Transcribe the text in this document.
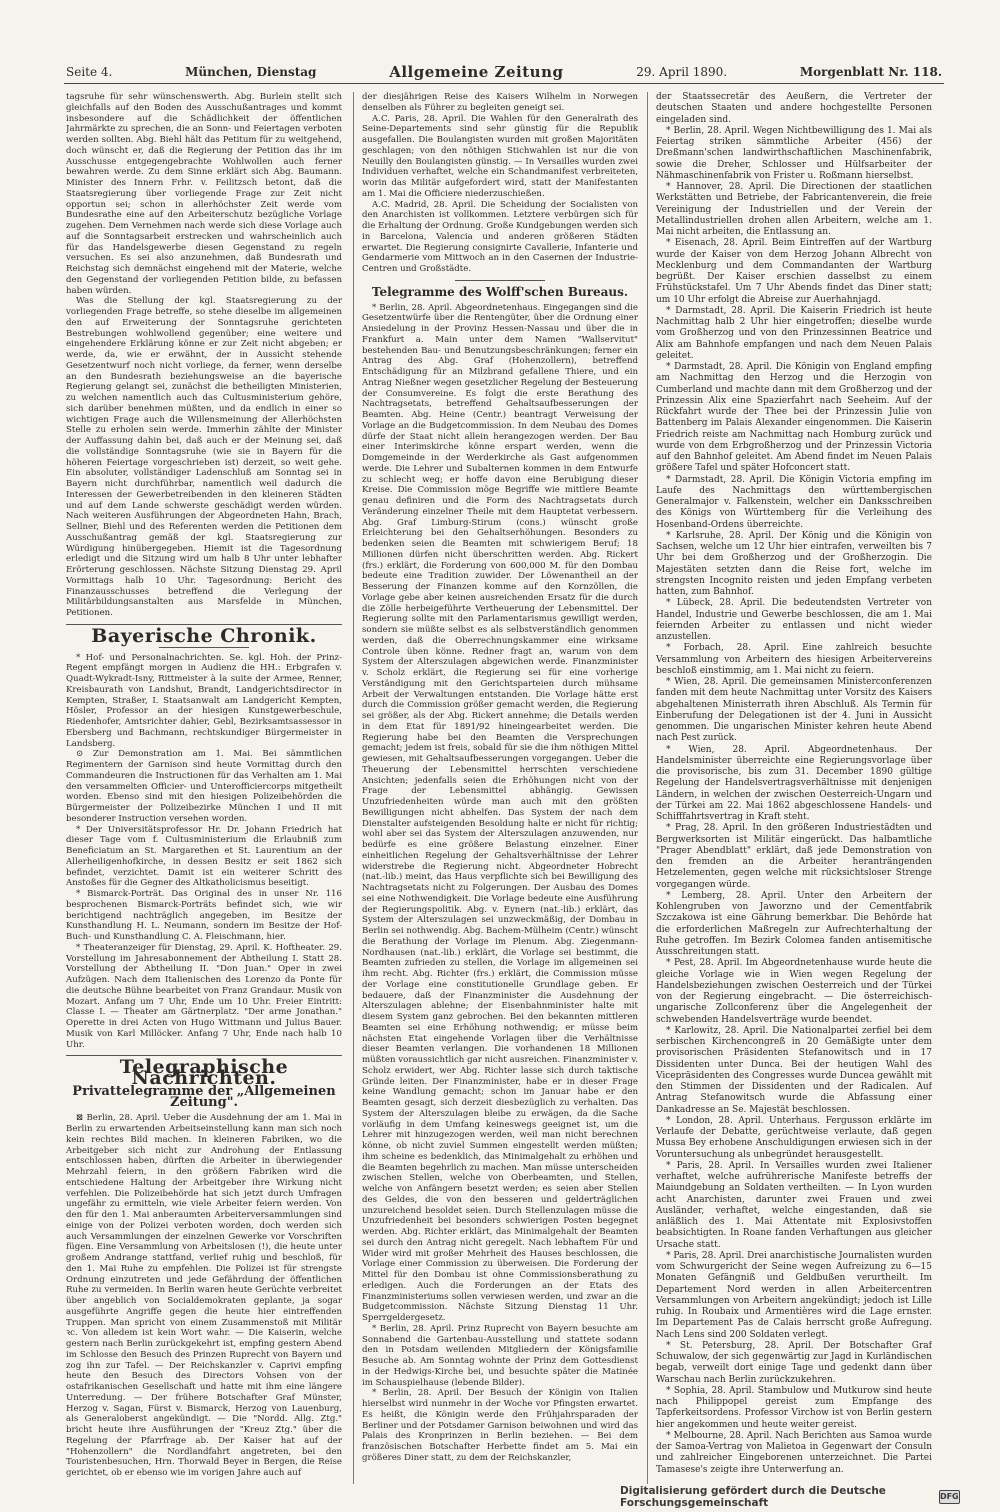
Seite 4.	München, Dienstag	Allgemeine Zeitung	29. April 1890.	Morgenblatt Nr. 118.

tagsruhe für sehr wünschenswerth. Abg. Burlein stellt sich gleichfalls auf den Boden des Ausschußantrages und kommt insbesondere auf die Schädlichkeit der öffentlichen Jahrmärkte zu sprechen, die an Sonn- und Feiertagen verboten werden sollten. Abg. Biehl hält das Petitum für zu weitgehend, doch wünscht er, daß die Regierung der Petition das ihr im Ausschusse entgegengebrachte Wohlwollen auch ferner bewahren werde. Zu dem Sinne erklärt sich Abg. Baumann. Minister des Innern Frhr. v. Feilitzsch betont, daß die Staatsregierung über vorliegende Frage zur Zeit nicht opportun sei; schon in allerhöchster Zeit werde vom Bundesrathe eine auf den Arbeiterschutz bezügliche Vorlage zugehen. Dem Vernehmen nach werde sich diese Vorlage auch auf die Sonntagsarbeit erstrecken und wahrscheinlich auch für das Handelsgewerbe diesen Gegenstand zu regeln versuchen. Es sei also anzunehmen, daß Bundesrath und Reichstag sich demnächst eingehend mit der Materie, welche den Gegenstand der vorliegenden Petition bilde, zu befassen haben würden.

Was die Stellung der kgl. Staatsregierung zu der vorliegenden Frage betreffe, so stehe dieselbe im allgemeinen den auf Erweiterung der Sonntagsruhe gerichteten Bestrebungen wohlwollend gegenüber; eine weitere und eingehendere Erklärung könne er zur Zeit nicht abgeben; er werde, da, wie er erwähnt, der in Aussicht stehende Gesetzentwurf noch nicht vorliege, da ferner, wenn derselbe an den Bundesrath beziehungsweise an die bayerische Regierung gelangt sei, zunächst die betheiligten Ministerien, zu welchen namentlich auch das Cultusministerium gehöre, sich darüber benehmen müßten, und da endlich in einer so wichtigen Frage auch die Willensmeinung der Allerhöchsten Stelle zu erholen sein werde. Immerhin zählte der Minister der Auffassung dahin bei, daß auch er der Meinung sei, daß die vollständige Sonntagsruhe (wie sie in Bayern für die höheren Feiertage vorgeschrieben ist) derzeit, so weit gehe. Ein absoluter, vollständiger Ladenschluß am Sonntag sei in Bayern nicht durchführbar, namentlich weil dadurch die Interessen der Gewerbetreibenden in den kleineren Städten und auf dem Lande schwerste geschädigt werden würden. Nach weiteren Ausführungen der Abgeordneten Hahn, Brach, Sellner, Biehl und des Referenten werden die Petitionen dem Ausschußantrag gemäß der kgl. Staatsregierung zur Würdigung hinübergegeben. Hiemit ist die Tagesordnung erledigt und die Sitzung wird um halb 8 Uhr unter lebhafter Erörterung geschlossen. Nächste Sitzung Dienstag 29. April Vormittags halb 10 Uhr. Tagesordnung: Bericht des Finanzausschusses betreffend die Verlegung der Militärbildungsanstalten aus Marsfelde in München, Petitionen.

Bayerische Chronik.

* Hof- und Personalnachrichten. Se. kgl. Hoh. der Prinz-Regent empfängt morgen in Audienz die HH.: Erbgrafen v. Quadt-Wykradt-Isny, Rittmeister à la suite der Armee, Renner, Kreisbaurath von Landshut, Brandt, Landgerichtsdirector in Kempten, Straßer, I. Staatsanwalt am Landgericht Kempten, Hösler, Professor an der hiesigen Kunstgewerbeschule, Riedenhofer, Amtsrichter dahier, Gebl, Bezirksamtsassessor in Ebersberg und Bachmann, rechtskundiger Bürgermeister in Landsberg.

⊙ Zur Demonstration am 1. Mai. Bei sämmtlichen Regimentern der Garnison sind heute Vormittag durch den Commandeuren die Instructionen für das Verhalten am 1. Mai den versammelten Officier- und Unterofficiercorps mitgetheilt worden. Ebenso sind mit den hiesigen Polizeibehörden die Bürgermeister der Polizeibezirke München I und II mit besonderer Instruction versehen worden.

* Der Universitätsprofessor Hr. Dr. Johann Friedrich hat dieser Tage vom f. Cultusministerium die Erlaubniß zum Beneficiatum an St. Margarethen et St. Laurentium an der Allerheiligenhofkirche, in dessen Besitz er seit 1862 sich befindet, verzichtet. Damit ist ein weiterer Schritt des Anstoßes für die Gegner des Altkatholicismus beseitigt.

* Bismarck-Porträt. Das Original des in unser Nr. 116 besprochenen Bismarck-Porträts befindet sich, wie wir berichtigend nachträglich angegeben, im Besitze der Kunsthandlung H. L. Neumann, sondern im Besitze der Hof-Buch- und Kunsthandlung C. A. Fleischmann, hier.

* Theateranzeiger für Dienstag, 29. April. K. Hoftheater. 29. Vorstellung im Jahresabonnement der Abtheilung I. Statt 28. Vorstellung der Abtheilung II. "Don Juan." Oper in zwei Aufzügen. Nach dem Italienischen des Lorenzo da Ponte für die deutsche Bühne bearbeitet von Franz Grandaur. Musik von Mozart. Anfang um 7 Uhr, Ende um 10 Uhr. Freier Eintritt: Classe I. — Theater am Gärtnerplatz. "Der arme Jonathan." Operette in drei Acten von Hugo Wittmann und Julius Bauer. Musik von Karl Millöcker. Anfang 7 Uhr, Ende nach halb 10 Uhr.

Telegraphische Nachrichten.
Privattelegramme der „Allgemeinen Zeitung".

⊠ Berlin, 28. April. Ueber die Ausdehnung der am 1. Mai in Berlin zu erwartenden Arbeitseinstellung kann man sich noch kein rechtes Bild machen. In kleineren Fabriken, wo die Arbeitgeber sich nicht zur Androhung der Entlassung entschlossen haben, dürften die Arbeiter in überwiegender Mehrzahl feiern, in den größern Fabriken wird die entschiedene Haltung der Arbeitgeber ihre Wirkung nicht verfehlen. Die Polizeibehörde hat sich jetzt durch Umfragen ungefähr zu ermitteln, wie viele Arbeiter feiern werden. Von den für den 1. Mai anberaumten Arbeiterversammlungen sind einige von der Polizei verboten worden, doch werden sich auch Versammlungen der einzelnen Gewerke vor Vorschriften fügen. Eine Versammlung von Arbeitslosen (!), die heute unter großem Andrange stattfand, verlief ruhig und beschloß, für den 1. Mai Ruhe zu empfehlen. Die Polizei ist für strengste Ordnung einzutreten und jede Gefährdung der öffentlichen Ruhe zu vermeiden. In Berlin waren heute Gerüchte verbreitet über angeblich von Socialdemokraten geplante, ja sogar ausgeführte Angriffe gegen die heute hier eintreffenden Truppen. Man spricht von einem Zusammenstoß mit Militär ꝛc. Von alledem ist kein Wort wahr. — Die Kaiserin, welche gestern nach Berlin zurückgekehrt ist, empfing gestern Abend im Schlosse den Besuch des Prinzen Ruprecht von Bayern und zog ihn zur Tafel. — Der Reichskanzler v. Caprivi empfing heute den Besuch des Directors Vohsen von der ostafrikanischen Gesellschaft und hatte mit ihm eine längere Unterredung. — Der frühere Botschafter Graf Münster, Herzog v. Sagan, Fürst v. Bismarck, Herzog von Lauenburg, als Generaloberst angekündigt. — Die "Nordd. Allg. Ztg." bricht heute ihre Ausführungen der "Kreuz Ztg." über die Regelung der Pfarrfrage ab. Der Kaiser hat auf der "Hohenzollern" die Nordlandfahrt angetreten, bei den Touristenbesuchen, Hrn. Thorwald Beyer in Bergen, die Reise gerichtet, ob er ebenso wie im vorigen Jahre auch auf

der diesjährigen Reise des Kaisers Wilhelm in Norwegen denselben als Führer zu begleiten geneigt sei.

A.C. Paris, 28. April. Die Wahlen für den Generalrath des Seine-Departements sind sehr günstig für die Republik ausgefallen. Die Boulangisten wurden mit großen Majoritäten geschlagen; von den nöthigen Stichwahlen ist nur die von Neuilly den Boulangisten günstig. — In Versailles wurden zwei Individuen verhaftet, welche ein Schandmanifest verbreiteten, worin das Militär aufgefordert wird, statt der Manifestanten am 1. Mai die Officiere niederzuschießen.

A.C. Madrid, 28. April. Die Scheidung der Socialisten von den Anarchisten ist vollkommen. Letztere verbürgen sich für die Erhaltung der Ordnung. Große Kundgebungen werden sich in Barcelona, Valencia und anderen größeren Städten erwartet. Die Regierung consignirte Cavallerie, Infanterie und Gendarmerie vom Mittwoch an in den Casernen der Industrie-Centren und Großstädte.

Telegramme des Wolff'schen Bureaus.

* Berlin, 28. April. Abgeordnetenhaus. Eingegangen sind die Gesetzentwürfe über die Rentengüter, über die Ordnung einer Ansiedelung in der Provinz Hessen-Nassau und über die in Frankfurt a. Main unter dem Namen "Wallservitut" bestehenden Bau- und Benutzungsbeschränkungen; ferner ein Antrag des Abg. Graf (Hohenzollern), betreffend Entschädigung für an Milzbrand gefallene Thiere, und ein Antrag Nießner wegen gesetzlicher Regelung der Besteuerung der Consumvereine. Es folgt die erste Berathung des Nachtragsetats, betreffend Gehaltsaufbesserungen der Beamten. Abg. Heine (Centr.) beantragt Verweisung der Vorlage an die Budgetcommission. In dem Neubau des Domes dürfe der Staat nicht allein herangezogen werden. Der Bau einer Interimskirche könne erspart werden, wenn die Domgemeinde in der Werderkirche als Gast aufgenommen werde. Die Lehrer und Subalternen kommen in dem Entwurfe zu schlecht weg; er hoffe davon eine Berubigung dieser Kreise. Die Commission möge Begriffe wie mittlere Beamte genau definiren und die Form des Nachtragsetats durch Veränderung einzelner Theile mit dem Hauptetat verbessern. Abg. Graf Limburg-Stirum (cons.) wünscht große Erleichterung bei den Gehaltserhöhungen. Besonders zu bedenken seien die Beamten mit schwierigem Beruf; 18 Millionen dürfen nicht überschritten werden. Abg. Rickert (frs.) erklärt, die Forderung von 600,000 M. für den Dombau bedeute eine Tradition zuwider. Der Löwenantheil an der Besserung der Finanzen komme auf den Kornzöllen, die Vorlage gebe aber keinen ausreichenden Ersatz für die durch die Zölle herbeigeführte Vertheuerung der Lebensmittel. Der Regierung sollte mit den Parlamentarismus gewilligt werden, sondern sie müßte selbst es als selbstverständlich genommen werden, daß die Oberrechnungskammer eine wirksame Controle üben könne. Redner fragt an, warum von dem System der Alterszulagen abgewichen werde. Finanzminister v. Scholz erklärt, die Regierung sei für eine vorherige Verständigung mit den Gerichtsparteien durch mühsame Arbeit der Verwaltungen entstanden. Die Vorlage hätte erst durch die Commission größer gemacht werden, die Regierung sei größer, als der Abg. Rickert annehme; die Details werden in dem Etat für 1891/92 hineingearbeitet werden. Die Regierung habe bei den Beamten die Versprechungen gemacht; jedem ist freis, sobald für sie die ihm nöthigen Mittel gewiesen, mit Gehaltsaufbesserungen vorgegangen. Ueber die Theuerung der Lebensmittel herrschten verschiedene Ansichten; jedenfalls seien die Erhöhungen nicht von der Frage der Lebensmittel abhängig. Gewissen Unzufriedenheiten würde man auch mit den größten Bewilligungen nicht abhelfen. Das System der nach dem Dienstalter aufsteigenden Besoldung halte er nicht für richtig; wohl aber sei das System der Alterszulagen anzuwenden, nur bedürfe es eine größere Belastung einzelner. Einer einheitlichen Regelung der Gehaltsverhältnisse der Lehrer widerstrebe die Regierung nicht. Abgeordneter Hobrecht (nat.-lib.) meint, das Haus verpflichte sich bei Bewilligung des Nachtragsetats nicht zu Folgerungen. Der Ausbau des Domes sei eine Nothwendigkeit. Die Vorlage bedeute eine Ausführung der Regierungspolitik. Abg. v. Eynern (nat.-lib.) erklärt, das System der Alterszulagen sei unzweckmäßig, der Dombau in Berlin sei nothwendig. Abg. Bachem-Mülheim (Centr.) wünscht die Berathung der Vorlage im Plenum. Abg. Ziegenmann-Nordhausen (nat.-lib.) erklärt, die Vorlage sei bestimmt, die Beamten zufrieden zu stellen, die Vorlage im allgemeinen sei ihm recht. Abg. Richter (frs.) erklärt, die Commission müsse der Vorlage eine constitutionelle Grundlage geben. Er bedauere, daß der Finanzminister die Ausdehnung der Alterszulagen ablehne; der Eisenbahnminister halte mit diesem System ganz gebrochen. Bei den bekannten mittleren Beamten sei eine Erhöhung nothwendig; er müsse beim nächsten Etat eingehende Vorlagen über die Verhältnisse dieser Beamten verlangen. Die vorhandenen 18 Millionen müßten voraussichtlich gar nicht ausreichen. Finanzminister v. Scholz erwidert, wer Abg. Richter lasse sich durch taktische Gründe leiten. Der Finanzminister, habe er in dieser Frage keine Wandlung gemacht; schon im Januar habe er den Beamten gesagt, sich derzeit diesbezüglich zu verhalten. Das System der Alterszulagen bleibe zu erwägen, da die Sache vorläufig in dem Umfang keineswegs geeignet ist, um die Lehrer mit hinzugezogen werden, weil man nicht berechnen könne, ob nicht zuviel Summen eingestellt werden müßten; ihm scheine es bedenklich, das Minimalgehalt zu erhöhen und die Beamten begehrlich zu machen. Man müsse unterscheiden zwischen Stellen, welche von Oberbeamten, und Stellen, welche von Anfängern besetzt werden; es seien aber Stellen des Geldes, die von den besseren und gelderträglichen unzureichend besoldet seien. Durch Stellenzulagen müsse die Unzufriedenheit bei besonders schwierigen Posten begegnet werden. Abg. Richter erklärt, das Minimalgehalt der Beamten sei durch den Antrag nicht geregelt. Nach lebhaftem Für und Wider wird mit großer Mehrheit des Hauses beschlossen, die Vorlage einer Commission zu überweisen. Die Forderung der Mittel für den Dombau ist ohne Commissionsberathung zu erledigen. Auch die Forderungen an der Etats des Finanzministeriums sollen verwiesen werden, und zwar an die Budgetcommission. Nächste Sitzung Dienstag 11 Uhr. Sperrgeldergesetz.

* Berlin, 28. April. Prinz Ruprecht von Bayern besuchte am Sonnabend die Gartenbau-Ausstellung und stattete sodann den in Potsdam weilenden Mitgliedern der Königsfamilie Besuche ab. Am Sonntag wohnte der Prinz dem Gottesdienst in der Hedwigs-Kirche bei, und besuchte später die Matinée im Schauspielhause (lebende Bilder).

* Berlin, 28. April. Der Besuch der Königin von Italien hierselbst wird nunmehr in der Woche vor Pfingsten erwartet. Es heißt, die Königin werde den Frühjahrsparaden der Berliner und der Potsdamer Garnison beiwohnen und wird das Palais des Kronprinzen in Berlin beziehen. — Bei dem französischen Botschafter Herbette findet am 5. Mai ein größeres Diner statt, zu dem der Reichskanzler,

der Staatssecretär des Aeußern, die Vertreter der deutschen Staaten und andere hochgestellte Personen eingeladen sind.

* Berlin, 28. April. Wegen Nichtbewilligung des 1. Mai als Feiertag striken sämmtliche Arbeiter (456) der Dreßmann'schen landwirthschaftlichen Maschinenfabrik, sowie die Dreher, Schlosser und Hülfsarbeiter der Nähmaschinenfabrik von Frister u. Roßmann hierselbst.

* Hannover, 28. April. Die Directionen der staatlichen Werkstätten und Betriebe, der Fabricantenverein, die freie Vereinigung der Industriellen und der Verein der Metallindustriellen drohen allen Arbeitern, welche am 1. Mai nicht arbeiten, die Entlassung an.

* Eisenach, 28. April. Beim Eintreffen auf der Wartburg wurde der Kaiser von dem Herzog Johann Albrecht von Mecklenburg und dem Commandanten der Wartburg begrüßt. Der Kaiser erschien dasselbst zu einem Frühstückstafel. Um 7 Uhr Abends findet das Diner statt; um 10 Uhr erfolgt die Abreise zur Auerhahnjagd.

* Darmstadt, 28. April. Die Kaiserin Friedrich ist heute Nachmittag halb 2 Uhr hier eingetroffen; dieselbe wurde vom Großherzog und von den Prinzessinnen Beatrice und Alix am Bahnhofe empfangen und nach dem Neuen Palais geleitet.

* Darmstadt, 28. April. Die Königin von England empfing am Nachmittag den Herzog und die Herzogin von Cumberland und machte dann mit dem Großherzog und der Prinzessin Alix eine Spazierfahrt nach Seeheim. Auf der Rückfahrt wurde der Thee bei der Prinzessin Julie von Battenberg im Palais Alexander eingenommen. Die Kaiserin Friedrich reiste am Nachmittag nach Homburg zurück und wurde von dem Erbgroßherzog und der Prinzessin Victoria auf den Bahnhof geleitet. Am Abend findet im Neuen Palais größere Tafel und später Hofconcert statt.

* Darmstadt, 28. April. Die Königin Victoria empfing im Laufe des Nachmittags den württembergischen Generalmajor v. Falkenstein, welcher ein Danksschreiben des Königs von Württemberg für die Verleihung des Hosenband-Ordens überreichte.

* Karlsruhe, 28. April. Der König und die Königin von Sachsen, welche um 12 Uhr hier eintrafen, verweilten bis 7 Uhr bei dem Großherzog und der Großherzogin. Die Majestäten setzten dann die Reise fort, welche im strengsten Incognito reisten und jeden Empfang verbeten hatten, zum Bahnhof.

* Lübeck, 28. April. Die bedeutendsten Vertreter von Handel, Industrie und Gewerbe beschlossen, die am 1. Mai feiernden Arbeiter zu entlassen und nicht wieder anzustellen.

* Forbach, 28. April. Eine zahlreich besuchte Versammlung von Arbeitern des hiesigen Arbeitervereins beschloß einstimmig, am 1. Mai nicht zu feiern.

* Wien, 28. April. Die gemeinsamen Ministerconferenzen fanden mit dem heute Nachmittag unter Vorsitz des Kaisers abgehaltenen Ministerrath ihren Abschluß. Als Termin für Einberufung der Delegationen ist der 4. Juni in Aussicht genommen. Die ungarischen Minister kehren heute Abend nach Pest zurück.

* Wien, 28. April. Abgeordnetenhaus. Der Handelsminister überreichte eine Regierungsvorlage über die provisorische, bis zum 31. December 1890 gültige Regelung der Handelsvertragsverhältnisse mit denjenigen Ländern, in welchen der zwischen Oesterreich-Ungarn und der Türkei am 22. Mai 1862 abgeschlossene Handels- und Schifffahrtsvertrag in Kraft steht.

* Prag, 28. April. In den größeren Industriestädten und Bergwerksorten ist Militär eingerückt. Das halbamtliche "Prager Abendblatt" erklärt, daß jede Demonstration von den fremden an die Arbeiter heranträngenden Hetzelementen, gegen welche mit rücksichtsloser Strenge vorgegangen würde.

* Lemberg, 28. April. Unter den Arbeitern der Kohlengruben von Jaworzno und der Cementfabrik Szczakowa ist eine Gährung bemerkbar. Die Behörde hat die erforderlichen Maßregeln zur Aufrechterhaltung der Ruhe getroffen. Im Bezirk Colomea fanden antisemitische Ausschreitungen statt.

* Pest, 28. April. Im Abgeordnetenhause wurde heute die gleiche Vorlage wie in Wien wegen Regelung der Handelsbeziehungen zwischen Oesterreich und der Türkei von der Regierung eingebracht. — Die österreichisch-ungarische Zollconferenz über die Angelegenheit der schwebenden Handelsverträge wurde beendet.

* Karlowitz, 28. April. Die Nationalpartei zerfiel bei dem serbischen Kirchencongreß in 20 Gemäßigte unter dem provisorischen Präsidenten Stefanowitsch und in 17 Dissidenten unter Dunca. Bei der heutigen Wahl des Vicepräsidenten des Congresses wurde Duncea gewählt mit den Stimmen der Dissidenten und der Radicalen. Auf Antrag Stefanowitsch wurde die Abfassung einer Dankadresse an Se. Majestät beschlossen.

* London, 28. April. Unterhaus. Fergusson erklärte im Verlaufe der Debatte, gerüchtweise verlaute, daß gegen Mussa Bey erhobene Anschuldigungen erwiesen sich in der Voruntersuchung als unbegründet herausgestellt.

* Paris, 28. April. In Versailles wurden zwei Italiener verhaftet, welche aufrührerische Manifeste betreffs der Maiundgebung an Soldaten vertheilten. — In Lyon wurden acht Anarchisten, darunter zwei Frauen und zwei Ausländer, verhaftet, welche eingestanden, daß sie anläßlich des 1. Mai Attentate mit Explosivstoffen beabsichtigten. In Roane fanden Verhaftungen aus gleicher Ursache statt.

* Paris, 28. April. Drei anarchistische Journalisten wurden vom Schwurgericht der Seine wegen Aufreizung zu 6—15 Monaten Gefängniß und Geldbußen verurtheilt. Im Departement Nord werden in allen Arbeitercentren Versammlungen von Arbeitern angekündigt; jedoch ist Lille ruhig. In Roubaix und Armentières wird die Lage ernster. Im Departement Pas de Calais herrscht große Aufregung. Nach Lens sind 200 Soldaten verlegt.

* St. Petersburg, 28. April. Der Botschafter Graf Schuwalow, der sich gegenwärtig zur Jagd in Kurländischen begab, verweilt dort einige Tage und gedenkt dann über Warschau nach Berlin zurückzukehren.

* Sophia, 28. April. Stambulow und Mutkurow sind heute nach Philippopel gereist zum Empfange des Tapferkeitsordens. Professor Virchow ist von Berlin gestern hier angekommen und heute weiter gereist.

* Melbourne, 28. April. Nach Berichten aus Samoa wurde der Samoa-Vertrag von Malietoa in Gegenwart der Consuln und zahlreicher Eingeborenen unterzeichnet. Die Partei Tamasese's zeigte ihre Unterwerfung an.

Digitalisierung gefördert durch die Deutsche Forschungsgemeinschaft
DFG
